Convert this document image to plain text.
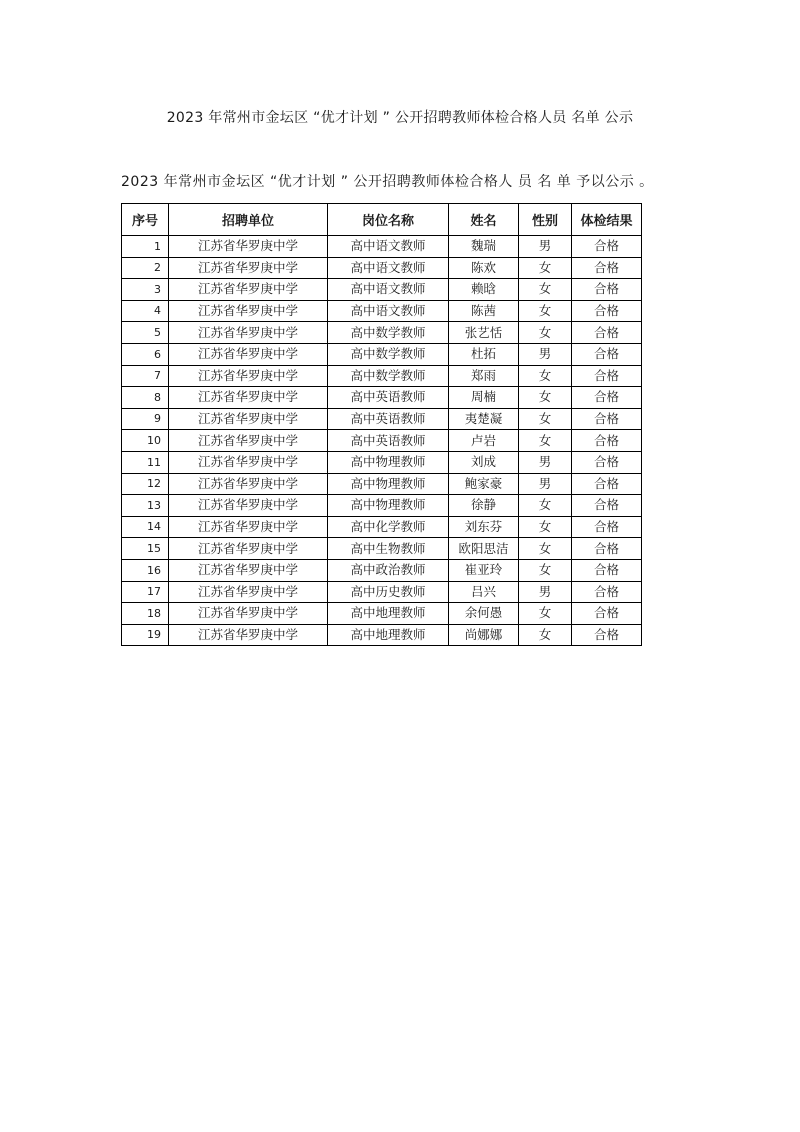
2023 年常州市金坛区 “优才计划 ” 公开招聘教师体检合格人员 名单 公示
2023 年常州市金坛区 “优才计划 ” 公开招聘教师体检合格人 员 名 单 予以公示 。
序号	招聘单位	岗位名称	姓名	性别	体检结果
1	江苏省华罗庚中学	高中语文教师	魏瑞	男	合格
2	江苏省华罗庚中学	高中语文教师	陈欢	女	合格
3	江苏省华罗庚中学	高中语文教师	赖晗	女	合格
4	江苏省华罗庚中学	高中语文教师	陈茜	女	合格
5	江苏省华罗庚中学	高中数学教师	张艺恬	女	合格
6	江苏省华罗庚中学	高中数学教师	杜拓	男	合格
7	江苏省华罗庚中学	高中数学教师	郑雨	女	合格
8	江苏省华罗庚中学	高中英语教师	周楠	女	合格
9	江苏省华罗庚中学	高中英语教师	夷楚凝	女	合格
10	江苏省华罗庚中学	高中英语教师	卢岩	女	合格
11	江苏省华罗庚中学	高中物理教师	刘成	男	合格
12	江苏省华罗庚中学	高中物理教师	鲍家豪	男	合格
13	江苏省华罗庚中学	高中物理教师	徐静	女	合格
14	江苏省华罗庚中学	高中化学教师	刘东芬	女	合格
15	江苏省华罗庚中学	高中生物教师	欧阳思洁	女	合格
16	江苏省华罗庚中学	高中政治教师	崔亚玲	女	合格
17	江苏省华罗庚中学	高中历史教师	吕兴	男	合格
18	江苏省华罗庚中学	高中地理教师	余何愚	女	合格
19	江苏省华罗庚中学	高中地理教师	尚娜娜	女	合格
